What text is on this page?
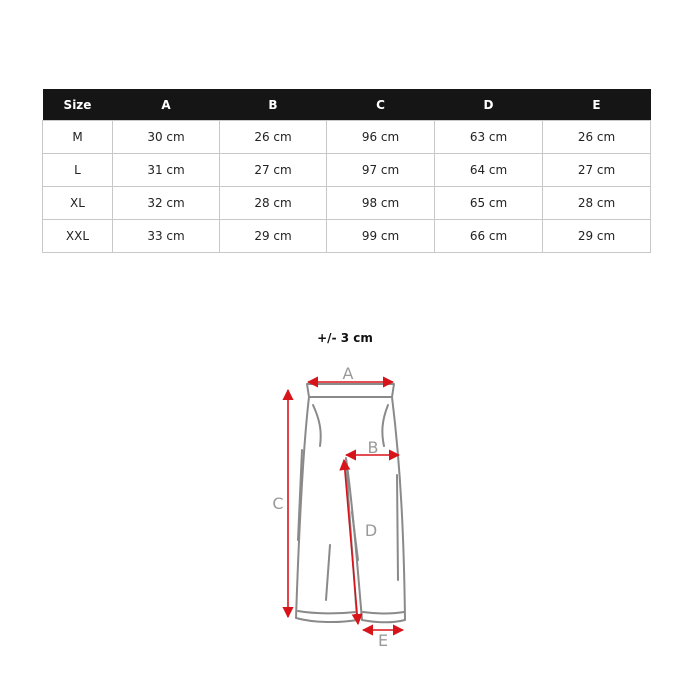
Size	A	B	C	D	E
M	30 cm	26 cm	96 cm	63 cm	26 cm
L	31 cm	27 cm	97 cm	64 cm	27 cm
XL	32 cm	28 cm	98 cm	65 cm	28 cm
XXL	33 cm	29 cm	99 cm	66 cm	29 cm
+/- 3 cm
A
B
C
D
E
